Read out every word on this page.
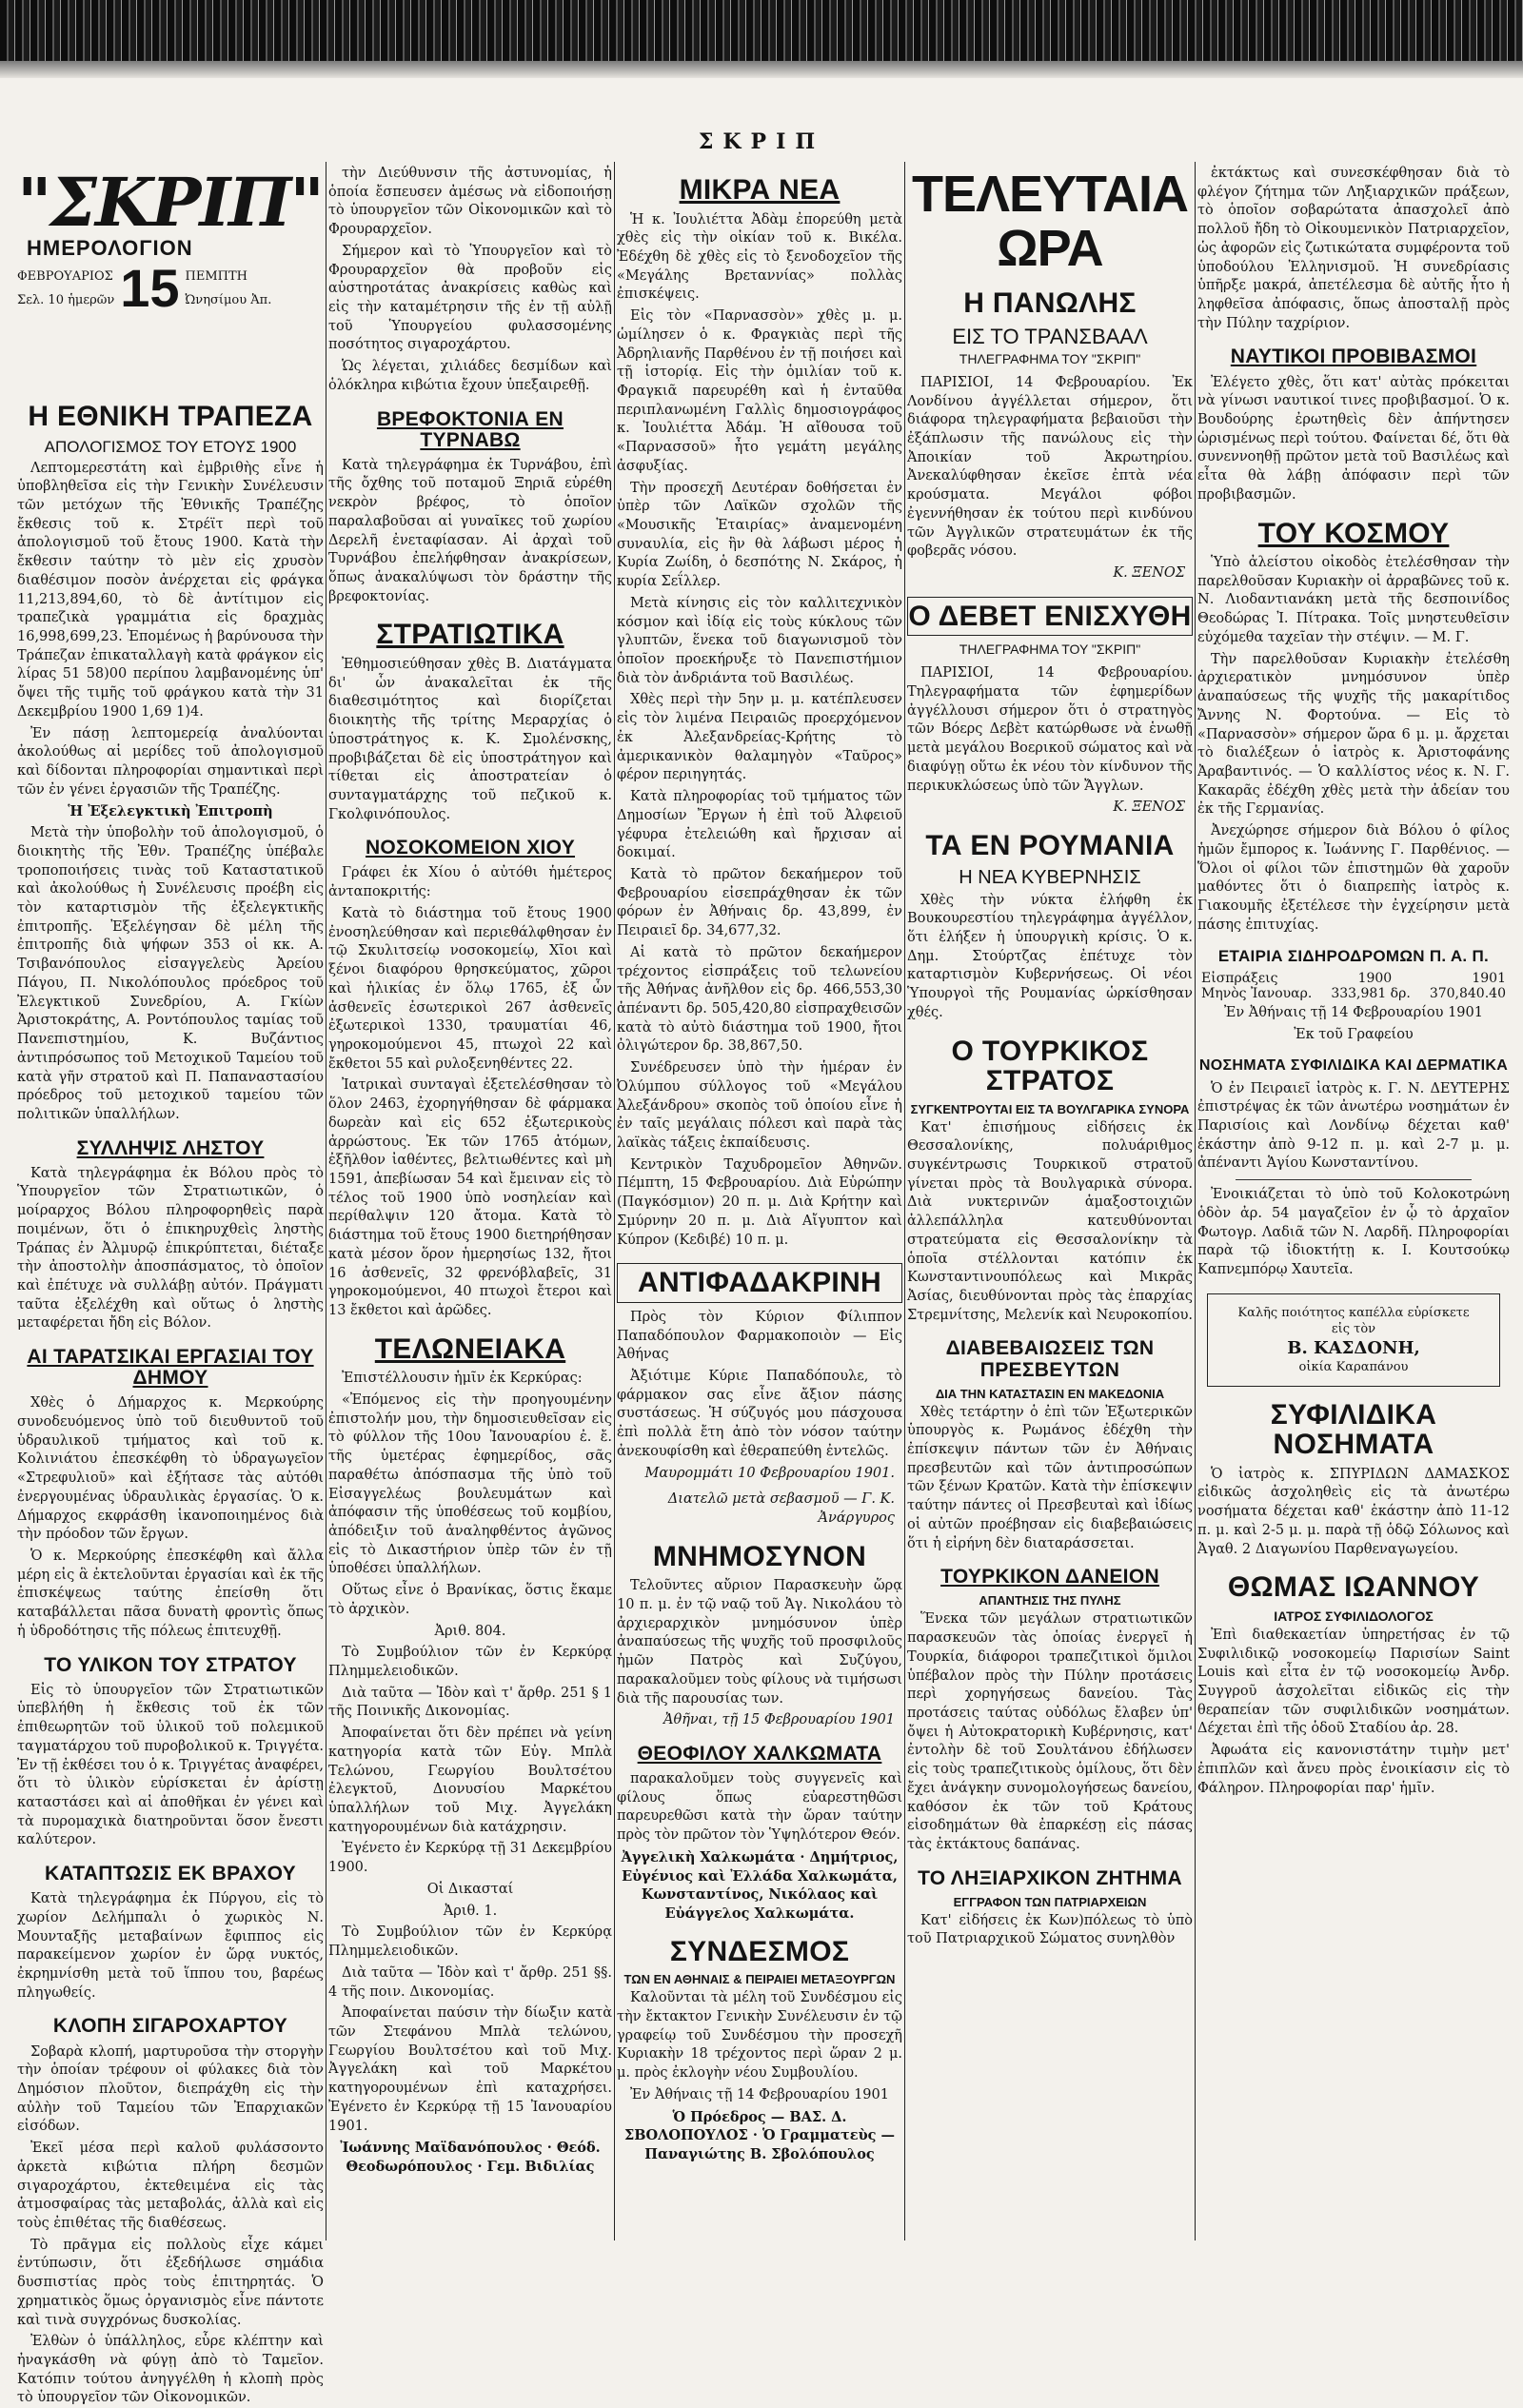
ΣΚΡΙΠ
"ΣΚΡΙΠ"
ΗΜΕΡΟΛΟΓΙΟΝ
ΦΕΒΡΟΥΑΡΙΟΣ
Σελ. 10 ἡμερῶν 15 ΠΕΜΠΤΗ
Ὠνησίμου Ἀπ.
Η ΕΘΝΙΚΗ ΤΡΑΠΕΖΑ
ΑΠΟΛΟΓΙΣΜΟΣ ΤΟΥ ΕΤΟΥΣ 1900

Λεπτομερεστάτη καὶ ἐμβριθὴς εἶνε ἡ ὑποβληθεῖσα εἰς τὴν Γενικὴν Συνέλευσιν τῶν μετόχων τῆς Ἐθνικῆς Τραπέζης ἔκθεσις τοῦ κ. Στρέϊτ περὶ τοῦ ἀπολογισμοῦ τοῦ ἔτους 1900. Κατὰ τὴν ἔκθεσιν ταύτην τὸ μὲν εἰς χρυσὸν διαθέσιμον ποσὸν ἀνέρχεται εἰς φράγκα 11,213,894,60, τὸ δὲ ἀντίτιμον εἰς τραπεζικὰ γραμμάτια εἰς δραχμὰς 16,998,699,23. Ἐπομένως ἡ βαρύνουσα τὴν Τράπεζαν ἐπικαταλλαγὴ κατὰ φράγκον εἰς λίρας 51 58)00 περίπου λαμβανομένης ὑπ' ὄψει τῆς τιμῆς τοῦ φράγκου κατὰ τὴν 31 Δεκεμβρίου 1900 1,69 1)4.

Ἐν πάσῃ λεπτομερείᾳ ἀναλύονται ἀκολούθως αἱ μερίδες τοῦ ἀπολογισμοῦ καὶ δίδονται πληροφορίαι σημαντικαὶ περὶ τῶν ἐν γένει ἐργασιῶν τῆς Τραπέζης.

Ἡ Ἐξελεγκτικὴ Ἐπιτροπὴ

Μετὰ τὴν ὑποβολὴν τοῦ ἀπολογισμοῦ, ὁ διοικητὴς τῆς Ἐθν. Τραπέζης ὑπέβαλε τροποποιήσεις τινὰς τοῦ Καταστατικοῦ καὶ ἀκολούθως ἡ Συνέλευσις προέβη εἰς τὸν καταρτισμὸν τῆς ἐξελεγκτικῆς ἐπιτροπῆς. Ἐξελέγησαν δὲ μέλη τῆς ἐπιτροπῆς διὰ ψήφων 353 οἱ κκ. Α. Τσιβανόπουλος εἰσαγγελεὺς Ἀρείου Πάγου, Π. Νικολόπουλος πρόεδρος τοῦ Ἐλεγκτικοῦ Συνεδρίου, Α. Γκίὼν Ἀριστοκράτης, Α. Ροντόπουλος ταμίας τοῦ Πανεπιστημίου, Κ. Βυζάντιος ἀντιπρόσωπος τοῦ Μετοχικοῦ Ταμείου τοῦ κατὰ γῆν στρατοῦ καὶ Π. Παπαναστασίου πρόεδρος τοῦ μετοχικοῦ ταμείου τῶν πολιτικῶν ὑπαλλήλων.

ΣΥΛΛΗΨΙΣ ΛΗΣΤΟΥ

Κατὰ τηλεγράφημα ἐκ Βόλου πρὸς τὸ Ὑπουργεῖον τῶν Στρατιωτικῶν, ὁ μοίραρχος Βόλου πληροφορηθεὶς παρὰ ποιμένων, ὅτι ὁ ἐπικηρυχθεὶς ληστὴς Τράπας ἐν Ἀλμυρῷ ἐπικρύπτεται, διέταξε τὴν ἀποστολὴν ἀποσπάσματος, τὸ ὁποῖον καὶ ἐπέτυχε νὰ συλλάβῃ αὐτόν. Πράγματι ταῦτα ἐξελέχθη καὶ οὕτως ὁ ληστὴς μεταφέρεται ἤδη εἰς Βόλον.

ΑΙ ΤΑΡΑΤΣΙΚΑΙ ΕΡΓΑΣΙΑΙ ΤΟΥ ΔΗΜΟΥ

Χθὲς ὁ Δήμαρχος κ. Μερκούρης συνοδευόμενος ὑπὸ τοῦ διευθυντοῦ τοῦ ὑδραυλικοῦ τμήματος καὶ τοῦ κ. Κολινιάτου ἐπεσκέφθη τὸ ὑδραγωγεῖον «Στρεφυλιοῦ» καὶ ἐξήτασε τὰς αὐτόθι ἐνεργουμένας ὑδραυλικὰς ἐργασίας. Ὁ κ. Δήμαρχος εκφράσθη ἱκανοποιημένος διὰ τὴν πρόοδον τῶν ἔργων.

Ὁ κ. Μερκούρης ἐπεσκέφθη καὶ ἄλλα μέρη εἰς ἃ ἐκτελοῦνται ἐργασίαι καὶ ἐκ τῆς ἐπισκέψεως ταύτης ἐπείσθη ὅτι καταβάλλεται πᾶσα δυνατὴ φροντὶς ὅπως ἡ ὑδροδότησις τῆς πόλεως ἐπιτευχθῇ.

ΤΟ ΥΛΙΚΟΝ ΤΟΥ ΣΤΡΑΤΟΥ

Εἰς τὸ ὑπουργεῖον τῶν Στρατιωτικῶν ὑπεβλήθη ἡ ἔκθεσις τοῦ ἐκ τῶν ἐπιθεωρητῶν τοῦ ὑλικοῦ τοῦ πολεμικοῦ ταγματάρχου τοῦ πυροβολικοῦ κ. Τριγγέτα. Ἐν τῇ ἐκθέσει του ὁ κ. Τριγγέτας ἀναφέρει, ὅτι τὸ ὑλικὸν εὑρίσκεται ἐν ἀρίστῃ καταστάσει καὶ αἱ ἀποθῆκαι ἐν γένει καὶ τὰ πυρομαχικὰ διατηροῦνται ὅσον ἔνεστι καλύτερον.

ΚΑΤΑΠΤΩΣΙΣ ΕΚ ΒΡΑΧΟΥ

Κατὰ τηλεγράφημα ἐκ Πύργου, εἰς τὸ χωρίον Δελήμπαλι ὁ χωρικὸς Ν. Μουνταξῆς μεταβαίνων ἔφιππος εἰς παρακείμενον χωρίον ἐν ὥρᾳ νυκτός, ἐκρημνίσθη μετὰ τοῦ ἵππου του, βαρέως πληγωθείς.

ΚΛΟΠΗ ΣΙΓΑΡΟΧΑΡΤΟΥ

Σοβαρὰ κλοπή, μαρτυροῦσα τὴν στοργὴν τὴν ὁποίαν τρέφουν οἱ φύλακες διὰ τὸν Δημόσιον πλοῦτον, διεπράχθη εἰς τὴν αὐλὴν τοῦ Ταμείου τῶν Ἐπαρχιακῶν εἰσόδων.

Ἐκεῖ μέσα περὶ καλοῦ φυλάσσοντο ἀρκετὰ κιβώτια πλήρη δεσμῶν σιγαροχάρτου, ἐκτεθειμένα εἰς τὰς ἀτμοσφαίρας τὰς μεταβολάς, ἀλλὰ καὶ εἰς τοὺς ἐπιθέτας τῆς διαθέσεως.

Τὸ πρᾶγμα εἰς πολλοὺς εἶχε κάμει ἐντύπωσιν, ὅτι ἐξεδήλωσε σημάδια δυσπιστίας πρὸς τοὺς ἐπιτηρητάς. Ὁ χρηματικὸς ὅμως ὀργανισμὸς εἶνε πάντοτε καὶ τινὰ συγχρόνως δυσκολίας.

Ἐλθὼν ὁ ὑπάλληλος, εὗρε κλέπτην καὶ ἠναγκάσθη νὰ φύγῃ ἀπὸ τὸ Ταμεῖον. Κατόπιν τούτου ἀνηγγέλθη ἡ κλοπὴ πρὸς τὸ ὑπουργεῖον τῶν Οἰκονομικῶν.

τὴν Διεύθυνσιν τῆς ἀστυνομίας, ἡ ὁποία ἔσπευσεν ἀμέσως νὰ εἰδοποιήσῃ τὸ ὑπουργεῖον τῶν Οἰκονομικῶν καὶ τὸ Φρουραρχεῖον.

Σήμερον καὶ τὸ Ὑπουργεῖον καὶ τὸ Φρουραρχεῖον θὰ προβοῦν εἰς αὐστηροτάτας ἀνακρίσεις καθὼς καὶ εἰς τὴν καταμέτρησιν τῆς ἐν τῇ αὐλῇ τοῦ Ὑπουργείου φυλασσομένης ποσότητος σιγαροχάρτου.

Ὡς λέγεται, χιλιάδες δεσμίδων καὶ ὁλόκληρα κιβώτια ἔχουν ὑπεξαιρεθῇ.

ΒΡΕΦΟΚΤΟΝΙΑ ΕΝ ΤΥΡΝΑΒΩ

Κατὰ τηλεγράφημα ἐκ Τυρνάβου, ἐπὶ τῆς ὄχθης τοῦ ποταμοῦ Ξηριᾶ εὑρέθη νεκρὸν βρέφος, τὸ ὁποῖον παραλαβοῦσαι αἱ γυναῖκες τοῦ χωρίου Δερελῆ ἐνεταφίασαν. Αἱ ἀρχαὶ τοῦ Τυρνάβου ἐπελήφθησαν ἀνακρίσεων, ὅπως ἀνακαλύψωσι τὸν δράστην τῆς βρεφοκτονίας.

ΣΤΡΑΤΙΩΤΙΚΑ

Ἐθημοσιεύθησαν χθὲς Β. Διατάγματα δι' ὧν ἀνακαλεῖται ἐκ τῆς διαθεσιμότητος καὶ διορίζεται διοικητὴς τῆς τρίτης Μεραρχίας ὁ ὑποστράτηγος κ. Κ. Σμολένσκης, προβιβάζεται δὲ εἰς ὑποστράτηγον καὶ τίθεται εἰς ἀποστρατείαν ὁ συνταγματάρχης τοῦ πεζικοῦ κ. Γκολφινόπουλος.

ΝΟΣΟΚΟΜΕΙΟΝ ΧΙΟΥ

Γράφει ἐκ Χίου ὁ αὐτόθι ἡμέτερος ἀνταποκριτής:

Κατὰ τὸ διάστημα τοῦ ἔτους 1900 ἐνοσηλεύθησαν καὶ περιεθάλφθησαν ἐν τῷ Σκυλιτσείῳ νοσοκομείῳ, Χῖοι καὶ ξένοι διαφόρου θρησκεύματος, χῶροι καὶ ἡλικίας ἐν ὅλῳ 1765, ἐξ ὧν ἀσθενεῖς ἐσωτερικοὶ 267 ἀσθενεῖς ἐξωτερικοὶ 1330, τραυματίαι 46, γηροκομούμενοι 45, πτωχοὶ 22 καὶ ἔκθετοι 55 καὶ ρυλοξενηθέντες 22.

Ἰατρικαὶ συνταγαὶ ἐξετελέσθησαν τὸ ὅλον 2463, ἐχορηγήθησαν δὲ φάρμακα δωρεὰν καὶ εἰς 652 ἐξωτερικοὺς ἀρρώστους. Ἐκ τῶν 1765 ἀτόμων, ἐξῆλθον ἰαθέντες, βελτιωθέντες καὶ μὴ 1591, ἀπεβίωσαν 54 καὶ ἔμειναν εἰς τὸ τέλος τοῦ 1900 ὑπὸ νοσηλείαν καὶ περίθαλψιν 120 ἄτομα. Κατὰ τὸ διάστημα τοῦ ἔτους 1900 διετηρήθησαν κατὰ μέσον ὅρον ἡμερησίως 132, ἤτοι 16 ἀσθενεῖς, 32 φρενόβλαβεῖς, 31 γηροκομούμενοι, 40 πτωχοὶ ἔτεροι καὶ 13 ἔκθετοι καὶ ἀρῶδες.

ΤΕΛΩΝΕΙΑΚΑ

Ἐπιστέλλουσιν ἡμῖν ἐκ Κερκύρας:

«Ἐπόμενος εἰς τὴν προηγουμένην ἐπιστολήν μου, τὴν δημοσιευθεῖσαν εἰς τὸ φύλλον τῆς 10ου Ἰανουαρίου ἐ. ἔ. τῆς ὑμετέρας ἐφημερίδος, σᾶς παραθέτω ἀπόσπασμα τῆς ὑπὸ τοῦ Εἰσαγγελέως βουλευμάτων καὶ ἀπόφασιν τῆς ὑποθέσεως τοῦ κομβίου, ἀπόδειξιν τοῦ ἀναληφθέντος ἀγῶνος εἰς τὸ Δικαστήριον ὑπὲρ τῶν ἐν τῇ ὑποθέσει ὑπαλλήλων.

Οὕτως εἶνε ὁ Βρανίκας, ὅστις ἔκαμε τὸ ἀρχικὸν.

Ἀριθ. 804.

Τὸ Συμβούλιον τῶν ἐν Κερκύρᾳ Πλημμελειοδικῶν.

Διὰ ταῦτα — Ἰδὸν καὶ τ' ἄρθρ. 251 § 1 τῆς Ποινικῆς Δικονομίας.

Ἀποφαίνεται ὅτι δὲν πρέπει νὰ γείνη κατηγορία κατὰ τῶν Εὐγ. Μπλὰ Τελώνου, Γεωργίου Βουλτσέτου ἐλεγκτοῦ, Διονυσίου Μαρκέτου ὑπαλλήλων τοῦ Μιχ. Ἀγγελάκη κατηγορουμένων διὰ κατάχρησιν.

Ἐγένετο ἐν Κερκύρᾳ τῇ 31 Δεκεμβρίου 1900.

Οἱ Δικασταί

Ἀριθ. 1.

Τὸ Συμβούλιον τῶν ἐν Κερκύρᾳ Πλημμελειοδικῶν.

Διὰ ταῦτα — Ἰδὸν καὶ τ' ἄρθρ. 251 §§. 4 τῆς ποιν. Δικονομίας.

Ἀποφαίνεται παύσιν τὴν δίωξιν κατὰ τῶν Στεφάνου Μπλὰ τελώνου, Γεωργίου Βουλτσέτου καὶ τοῦ Μιχ. Ἀγγελάκη καὶ τοῦ Μαρκέτου κατηγορουμένων ἐπὶ καταχρήσει. Ἐγένετο ἐν Κερκύρᾳ τῇ 15 Ἰανουαρίου 1901.

Ἰωάννης Μαϊδανόπουλος · Θεόδ. Θεοδωρόπουλος · Γεμ. Βιδιλίας

ΜΙΚΡΑ ΝΕΑ

Ἡ κ. Ἰουλιέττα Ἀδὰμ ἐπορεύθη μετὰ χθὲς εἰς τὴν οἰκίαν τοῦ κ. Βικέλα. Ἐδέχθη δὲ χθὲς εἰς τὸ ξενοδοχεῖον τῆς «Μεγάλης Βρεταννίας» πολλὰς ἐπισκέψεις.

Εἰς τὸν «Παρνασσὸν» χθὲς μ. μ. ὡμίλησεν ὁ κ. Φραγκιὰς περὶ τῆς Ἀδρηλιανῆς Παρθένου ἐν τῇ ποιήσει καὶ τῇ ἱστορίᾳ. Εἰς τὴν ὁμιλίαν τοῦ κ. Φραγκιᾶ παρευρέθη καὶ ἡ ἐνταῦθα περιπλανωμένη Γαλλὶς δημοσιογράφος κ. Ἰουλιέττα Ἀδάμ. Ἡ αἴθουσα τοῦ «Παρνασσοῦ» ἦτο γεμάτη μεγάλης ἀσφυξίας.

Τὴν προσεχῆ Δευτέραν δοθήσεται ἐν ὑπὲρ τῶν Λαϊκῶν σχολῶν τῆς «Μουσικῆς Ἑταιρίας» ἀναμενομένη συναυλία, εἰς ἣν θὰ λάβωσι μέρος ἡ Κυρία Ζωίδη, ὁ δεσπότης Ν. Σκάρος, ἡ κυρία Σεΐλλερ.

Μετὰ κίνησις εἰς τὸν καλλιτεχνικὸν κόσμον καὶ ἰδίᾳ εἰς τοὺς κύκλους τῶν γλυπτῶν, ἕνεκα τοῦ διαγωνισμοῦ τὸν ὁποῖον προεκήρυξε τὸ Πανεπιστήμιον διὰ τὸν ἀνδριάντα τοῦ Βασιλέως.

Χθὲς περὶ τὴν 5ην μ. μ. κατέπλευσεν εἰς τὸν λιμένα Πειραιῶς προερχόμενον ἐκ Ἀλεξανδρείας-Κρήτης τὸ ἀμερικανικὸν θαλαμηγὸν «Ταῦρος» φέρον περιηγητάς.

Κατὰ πληροφορίας τοῦ τμήματος τῶν Δημοσίων Ἔργων ἡ ἐπὶ τοῦ Ἀλφειοῦ γέφυρα ἐτελειώθη καὶ ἤρχισαν αἱ δοκιμαί.

Κατὰ τὸ πρῶτον δεκαήμερον τοῦ Φεβρουαρίου εἰσεπράχθησαν ἐκ τῶν φόρων ἐν Ἀθήναις δρ. 43,899, ἐν Πειραιεῖ δρ. 34,677,32.

Αἱ κατὰ τὸ πρῶτον δεκαήμερον τρέχοντος εἰσπράξεις τοῦ τελωνείου τῆς Ἀθήνας ἀνῆλθον εἰς δρ. 466,553,30 ἀπέναντι δρ. 505,420,80 εἰσπραχθεισῶν κατὰ τὸ αὐτὸ διάστημα τοῦ 1900, ἤτοι ὀλιγώτερον δρ. 38,867,50.

Συνέδρευσεν ὑπὸ τὴν ἡμέραν ἐν Ὀλύμπου σύλλογος τοῦ «Μεγάλου Ἀλεξάνδρου» σκοπὸς τοῦ ὁποίου εἶνε ἡ ἐν ταῖς μεγάλαις πόλεσι καὶ παρὰ τὰς λαϊκὰς τάξεις ἐκπαίδευσις.

Κεντρικὸν Ταχυδρομεῖον Ἀθηνῶν. Πέμπτη, 15 Φεβρουαρίου. Διὰ Εὐρώπην (Παγκόσμιον) 20 π. μ. Διὰ Κρήτην καὶ Σμύρνην 20 π. μ. Διὰ Αἴγυπτον καὶ Κύπρον (Κεδιβέ) 10 π. μ.

ΑΝΤΙΦΑΔΑΚΡΙΝΗ

Πρὸς τὸν Κύριον Φίλιππον Παπαδόπουλον Φαρμακοποιὸν — Εἰς Ἀθήνας

Ἀξιότιμε Κύριε Παπαδόπουλε, τὸ φάρμακον σας εἶνε ἄξιον πάσης συστάσεως. Ἡ σύζυγός μου πάσχουσα ἐπὶ πολλὰ ἔτη ἀπὸ τὸν νόσον ταύτην ἀνεκουφίσθη καὶ ἐθεραπεύθη ἐντελῶς.

Μαυρομμάτι 10 Φεβρουαρίου 1901.

Διατελῶ μετὰ σεβασμοῦ — Γ. Κ. Ἀνάργυρος

ΜΝΗΜΟΣΥΝΟΝ

Τελοῦντες αὔριον Παρασκευὴν ὥρᾳ 10 π. μ. ἐν τῷ ναῷ τοῦ Ἁγ. Νικολάου τὸ ἀρχιεραρχικὸν μνημόσυνον ὑπὲρ ἀναπαύσεως τῆς ψυχῆς τοῦ προσφιλοῦς ἡμῶν Πατρὸς καὶ Συζύγου, παρακαλοῦμεν τοὺς φίλους νὰ τιμήσωσι διὰ τῆς παρουσίας των.

Ἀθῆναι, τῇ 15 Φεβρουαρίου 1901

ΘΕΟΦΙΛΟΥ ΧΑΛΚΩΜΑΤΑ

παρακαλοῦμεν τοὺς συγγενεῖς καὶ φίλους ὅπως εὐαρεστηθῶσι παρευρεθῶσι κατὰ τὴν ὥραν ταύτην πρὸς τὸν πρῶτον τὸν Ὑψηλότερον Θεόν.

Ἀγγελικὴ Χαλκωμάτα · Δημήτριος, Εὐγένιος καὶ Ἐλλάδα Χαλκωμάτα, Κωνσταντίνος, Νικόλαος καὶ Εὐάγγελος Χαλκωμάτα.

ΣΥΝΔΕΣΜΟΣ
ΤΩΝ ΕΝ ΑΘΗΝΑΙΣ & ΠΕΙΡΑΙΕΙ ΜΕΤΑΞΟΥΡΓΩΝ

Καλοῦνται τὰ μέλη τοῦ Συνδέσμου εἰς τὴν ἔκτακτον Γενικὴν Συνέλευσιν ἐν τῷ γραφείῳ τοῦ Συνδέσμου τὴν προσεχῆ Κυριακὴν 18 τρέχοντος περὶ ὥραν 2 μ. μ. πρὸς ἐκλογὴν νέου Συμβουλίου.

Ἐν Ἀθήναις τῇ 14 Φεβρουαρίου 1901

Ὁ Πρόεδρος — ΒΑΣ. Δ. ΣΒΟΛΟΠΟΥΛΟΣ · Ὁ Γραμματεὺς — Παναγιώτης Β. Σβολόπουλος

ΤΕΛΕΥΤΑΙΑ ΩΡΑ
Η ΠΑΝΩΛΗΣ
ΕΙΣ ΤΟ ΤΡΑΝΣΒΑΑΛ
ΤΗΛΕΓΡΑΦΗΜΑ ΤΟΥ "ΣΚΡΙΠ"

ΠΑΡΙΣΙΟΙ, 14 Φεβρουαρίου. Ἐκ Λονδίνου ἀγγέλλεται σήμερον, ὅτι διάφορα τηλεγραφήματα βεβαιοῦσι τὴν ἐξάπλωσιν τῆς πανώλους εἰς τὴν Ἀποικίαν τοῦ Ἀκρωτηρίου. Ἀνεκαλύφθησαν ἐκεῖσε ἐπτὰ νέα κρούσματα. Μεγάλοι φόβοι ἐγεννήθησαν ἐκ τούτου περὶ κινδύνου τῶν Ἀγγλικῶν στρατευμάτων ἐκ τῆς φοβερᾶς νόσου.

Κ. ΞΕΝΟΣ

Ο ΔΕΒΕΤ ΕΝΙΣΧΥΘΗ
ΤΗΛΕΓΡΑΦΗΜΑ ΤΟΥ "ΣΚΡΙΠ"

ΠΑΡΙΣΙΟΙ, 14 Φεβρουαρίου. Τηλεγραφήματα τῶν ἐφημερίδων ἀγγέλλουσι σήμερον ὅτι ὁ στρατηγὸς τῶν Βόερς Δεβὲτ κατώρθωσε νὰ ἑνωθῇ μετὰ μεγάλου Βοερικοῦ σώματος καὶ νὰ διαφύγῃ οὕτω ἐκ νέου τὸν κίνδυνον τῆς περικυκλώσεως ὑπὸ τῶν Ἄγγλων.

Κ. ΞΕΝΟΣ

ΤΑ ΕΝ ΡΟΥΜΑΝΙΑ
Η ΝΕΑ ΚΥΒΕΡΝΗΣΙΣ

Χθὲς τὴν νύκτα ἐλήφθη ἐκ Βουκουρεστίου τηλεγράφημα ἀγγέλλον, ὅτι ἐλήξεν ἡ ὑπουργικὴ κρίσις. Ὁ κ. Δημ. Στούρτζας ἐπέτυχε τὸν καταρτισμὸν Κυβερνήσεως. Οἱ νέοι Ὑπουργοὶ τῆς Ρουμανίας ὡρκίσθησαν χθές.

Ο ΤΟΥΡΚΙΚΟΣ ΣΤΡΑΤΟΣ
ΣΥΓΚΕΝΤΡΟΥΤΑΙ ΕΙΣ ΤΑ ΒΟΥΛΓΑΡΙΚΑ ΣΥΝΟΡΑ

Κατ' ἐπισήμους εἰδήσεις ἐκ Θεσσαλονίκης, πολυάριθμος συγκέντρωσις Τουρκικοῦ στρατοῦ γίνεται πρὸς τὰ Βουλγαρικὰ σύνορα. Διὰ νυκτερινῶν ἁμαξοστοιχιῶν ἀλλεπάλληλα κατευθύνονται στρατεύματα εἰς Θεσσαλονίκην τὰ ὁποῖα στέλλονται κατόπιν ἐκ Κωνσταντινουπόλεως καὶ Μικρᾶς Ἀσίας, διευθύνονται πρὸς τὰς ἐπαρχίας Στρεμνίτσης, Μελενίκ καὶ Νευροκοπίου.

ΔΙΑΒΕΒΑΙΩΣΕΙΣ ΤΩΝ ΠΡΕΣΒΕΥΤΩΝ
ΔΙΑ ΤΗΝ ΚΑΤΑΣΤΑΣΙΝ ΕΝ ΜΑΚΕΔΟΝΙΑ

Χθὲς τετάρτην ὁ ἐπὶ τῶν Ἐξωτερικῶν ὑπουργὸς κ. Ρωμάνος ἐδέχθη τὴν ἐπίσκεψιν πάντων τῶν ἐν Ἀθήναις πρεσβευτῶν καὶ τῶν ἀντιπροσώπων τῶν ξένων Κρατῶν. Κατὰ τὴν ἐπίσκεψιν ταύτην πάντες οἱ Πρεσβευταὶ καὶ ἰδίως οἱ αὐτῶν προέβησαν εἰς διαβεβαιώσεις ὅτι ἡ εἰρήνη δὲν διαταράσσεται.

ΤΟΥΡΚΙΚΟΝ ΔΑΝΕΙΟΝ
ΑΠΑΝΤΗΣΙΣ ΤΗΣ ΠΥΛΗΣ

Ἕνεκα τῶν μεγάλων στρατιωτικῶν παρασκευῶν τὰς ὁποίας ἐνεργεῖ ἡ Τουρκία, διάφοροι τραπεζιτικοὶ ὅμιλοι ὑπέβαλον πρὸς τὴν Πύλην προτάσεις περὶ χορηγήσεως δανείου. Τὰς προτάσεις ταύτας οὐδόλως ἔλαβεν ὑπ' ὄψει ἡ Αὐτοκρατορικὴ Κυβέρνησις, κατ' ἐντολὴν δὲ τοῦ Σουλτάνου ἐδήλωσεν εἰς τοὺς τραπεζιτικοὺς ὁμίλους, ὅτι δὲν ἔχει ἀνάγκην συνομολογήσεως δανείου, καθόσον ἐκ τῶν τοῦ Κράτους εἰσοδημάτων θὰ ἐπαρκέσῃ εἰς πάσας τὰς ἐκτάκτους δαπάνας.

ΤΟ ΛΗΞΙΑΡΧΙΚΟΝ ΖΗΤΗΜΑ
ΕΓΓΡΑΦΟΝ ΤΩΝ ΠΑΤΡΙΑΡΧΕΙΩΝ

Κατ' εἰδήσεις ἐκ Κων)πόλεως τὸ ὑπὸ τοῦ Πατριαρχικοῦ Σώματος συνηλθὸν

ἐκτάκτως καὶ συνεσκέφθησαν διὰ τὸ φλέγον ζήτημα τῶν Ληξιαρχικῶν πράξεων, τὸ ὁποῖον σοβαρώτατα ἀπασχολεῖ ἀπὸ πολλοῦ ἤδη τὸ Οἰκουμενικὸν Πατριαρχεῖον, ὡς ἀφορῶν εἰς ζωτικώτατα συμφέροντα τοῦ ὑποδούλου Ἑλληνισμοῦ. Ἡ συνεδρίασις ὑπῆρξε μακρά, ἀπετέλεσμα δὲ αὐτῆς ἦτο ἡ ληφθεῖσα ἀπόφασις, ὅπως ἀποσταλῇ πρὸς τὴν Πύλην ταχρίριον.

ΝΑΥΤΙΚΟΙ ΠΡΟΒΙΒΑΣΜΟΙ

Ἐλέγετο χθὲς, ὅτι κατ' αὐτὰς πρόκειται νὰ γίνωσι ναυτικοί τινες προβιβασμοί. Ὁ κ. Βουδούρης ἐρωτηθεὶς δὲν ἀπήντησεν ὡρισμένως περὶ τούτου. Φαίνεται δέ, ὅτι θὰ συνεννοηθῇ πρῶτον μετὰ τοῦ Βασιλέως καὶ εἶτα θὰ λάβῃ ἀπόφασιν περὶ τῶν προβιβασμῶν.

ΤΟΥ ΚΟΣΜΟΥ

Ὑπὸ ἀλείστου οἰκοδὸς ἐτελέσθησαν τὴν παρελθοῦσαν Κυριακὴν οἱ ἀρραβῶνες τοῦ κ. Ν. Λιοδαντιανάκη μετὰ τῆς δεσποινίδος Θεοδώρας Ἰ. Πίτρακα. Τοῖς μνηστευθεῖσιν εὐχόμεθα ταχεῖαν τὴν στέψιν. — Μ. Γ.

Τὴν παρελθοῦσαν Κυριακὴν ἐτελέσθη ἀρχιερατικὸν μνημόσυνον ὑπὲρ ἀναπαύσεως τῆς ψυχῆς τῆς μακαρίτιδος Ἄννης Ν. Φορτούνα. — Εἰς τὸ «Παρνασσὸν» σήμερον ὥρα 6 μ. μ. ἄρχεται τὸ διαλέξεων ὁ ἰατρὸς κ. Ἀριστοφάνης Ἀραβαντινός. — Ὁ καλλίστος νέος κ. Ν. Γ. Κακαρᾶς ἐδέχθη χθὲς μετὰ τὴν ἀδείαν του ἐκ τῆς Γερμανίας.

Ἀνεχώρησε σήμερον διὰ Βόλου ὁ φίλος ἡμῶν ἔμπορος κ. Ἰωάννης Γ. Παρθένιος. — Ὅλοι οἱ φίλοι τῶν ἐπιστημῶν θὰ χαροῦν μαθόντες ὅτι ὁ διαπρεπὴς ἰατρὸς κ. Γιακουμῆς ἐξετέλεσε τὴν ἐγχείρησιν μετὰ πάσης ἐπιτυχίας.

ΕΤΑΙΡΙΑ ΣΙΔΗΡΟΔΡΟΜΩΝ Π. Α. Π.
Εἰσπράξεις	1900	1901
Μηνὸς Ἰανουαρ. 333,981 δρ. 370,840.40

Ἐν Ἀθήναις τῇ 14 Φεβρουαρίου 1901

Ἐκ τοῦ Γραφείου

ΝΟΣΗΜΑΤΑ ΣΥΦΙΛΙΔΙΚΑ ΚΑΙ ΔΕΡΜΑΤΙΚΑ

Ὁ ἐν Πειραιεῖ ἰατρὸς κ. Γ. Ν. ΔΕΥΤΕΡΗΣ ἐπιστρέψας ἐκ τῶν ἀνωτέρω νοσημάτων ἐν Παρισίοις καὶ Λονδίνῳ δέχεται καθ' ἑκάστην ἀπὸ 9-12 π. μ. καὶ 2-7 μ. μ. ἀπέναντι Ἁγίου Κωνσταντίνου.

Ἐνοικιάζεται τὸ ὑπὸ τοῦ Κολοκοτρώνη ὁδὸν ἀρ. 54 μαγαζεῖον ἐν ᾧ τὸ ἀρχαῖον Φωτογρ. Λαδιᾶ τῶν Ν. Λαρδῆ. Πληροφορίαι παρὰ τῷ ἰδιοκτήτῃ κ. Ι. Κουτσούκῳ Καπνεμπόρῳ Χαυτεῖα.

Καλῆς ποιότητος καπέλλα εὑρίσκετε
εἰς τὸν
Β. ΚΑΣΔΟΝΗ,
οἰκία Καραπάνου
ΣΥΦΙΛΙΔΙΚΑ ΝΟΣΗΜΑΤΑ

Ὁ ἰατρὸς κ. ΣΠΥΡΙΔΩΝ ΔΑΜΑΣΚΟΣ εἰδικῶς ἀσχοληθεὶς εἰς τὰ ἀνωτέρω νοσήματα δέχεται καθ' ἑκάστην ἀπὸ 11-12 π. μ. καὶ 2-5 μ. μ. παρὰ τῇ ὁδῷ Σόλωνος καὶ Ἀγαθ. 2 Διαγωνίου Παρθεναγωγείου.

ΘΩΜΑΣ ΙΩΑΝΝΟΥ
ΙΑΤΡΟΣ ΣΥΦΙΛΙΔΟΛΟΓΟΣ

Ἐπὶ διαθεκαετίαν ὑπηρετήσας ἐν τῷ Συφιλιδικῷ νοσοκομείῳ Παρισίων Saint Louis καὶ εἶτα ἐν τῷ νοσοκομείῳ Ἀνδρ. Συγγροῦ ἀσχολεῖται εἰδικῶς εἰς τὴν θεραπείαν τῶν συφιλιδικῶν νοσημάτων. Δέχεται ἐπὶ τῆς ὁδοῦ Σταδίου ἀρ. 28.

Ἀφωάτα εἰς κανονιστάτην τιμὴν μετ' ἐπιπλῶν καὶ ἄνευ πρὸς ἐνοικίασιν εἰς τὸ Φάληρον. Πληροφορίαι παρ' ἡμῖν.
